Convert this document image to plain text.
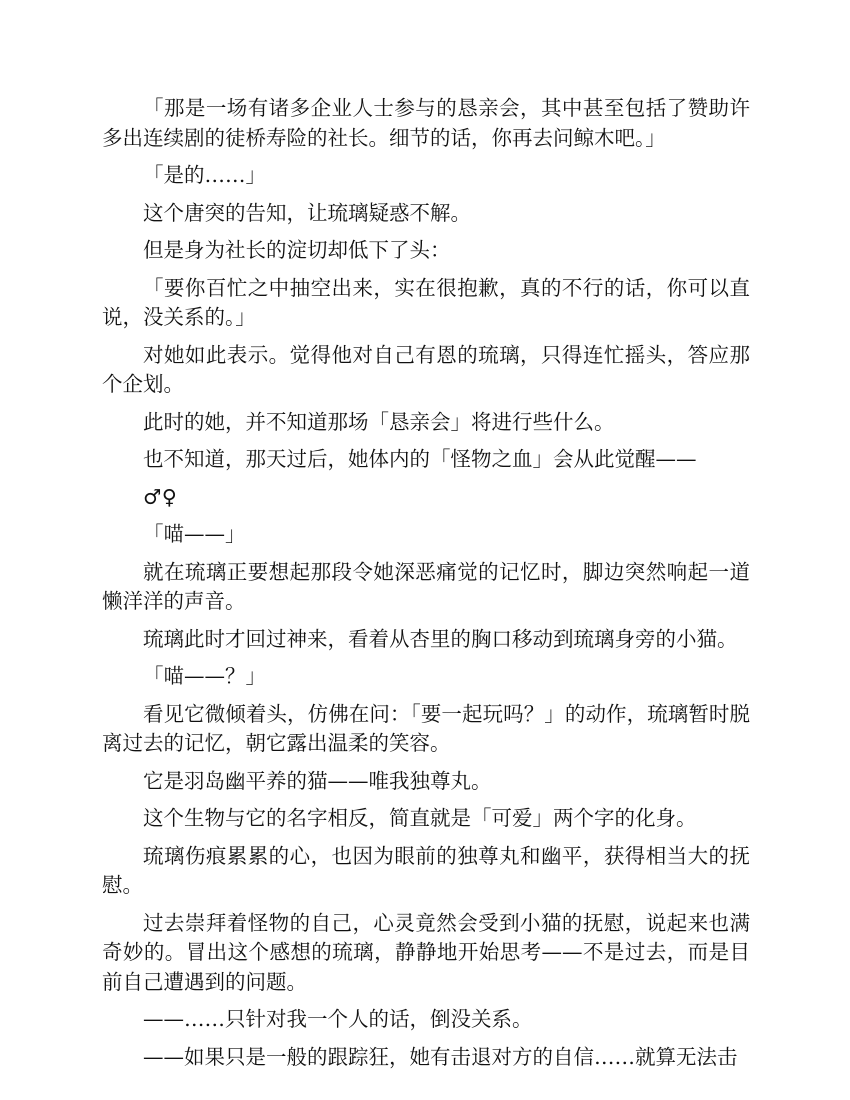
「那是一场有诸多企业人士参与的恳亲会，其中甚至包括了赞助许多出连续剧的徒桥寿险的社长。细节的话，你再去问鲸木吧。」

「是的……」

这个唐突的告知，让琉璃疑惑不解。

但是身为社长的淀切却低下了头：

「要你百忙之中抽空出来，实在很抱歉，真的不行的话，你可以直说，没关系的。」

对她如此表示。觉得他对自己有恩的琉璃，只得连忙摇头，答应那个企划。

此时的她，并不知道那场「恳亲会」将进行些什么。

也不知道，那天过后，她体内的「怪物之血」会从此觉醒——

♂♀

「喵——」

就在琉璃正要想起那段令她深恶痛觉的记忆时，脚边突然响起一道懒洋洋的声音。

琉璃此时才回过神来，看着从杏里的胸口移动到琉璃身旁的小猫。

「喵——？」

看见它微倾着头，仿佛在问：「要一起玩吗？」的动作，琉璃暂时脱离过去的记忆，朝它露出温柔的笑容。

它是羽岛幽平养的猫——唯我独尊丸。

这个生物与它的名字相反，简直就是「可爱」两个字的化身。

琉璃伤痕累累的心，也因为眼前的独尊丸和幽平，获得相当大的抚慰。

过去崇拜着怪物的自己，心灵竟然会受到小猫的抚慰，说起来也满奇妙的。冒出这个感想的琉璃，静静地开始思考——不是过去，而是目前自己遭遇到的问题。

——……只针对我一个人的话，倒没关系。

——如果只是一般的跟踪狂，她有击退对方的自信……就算无法击
